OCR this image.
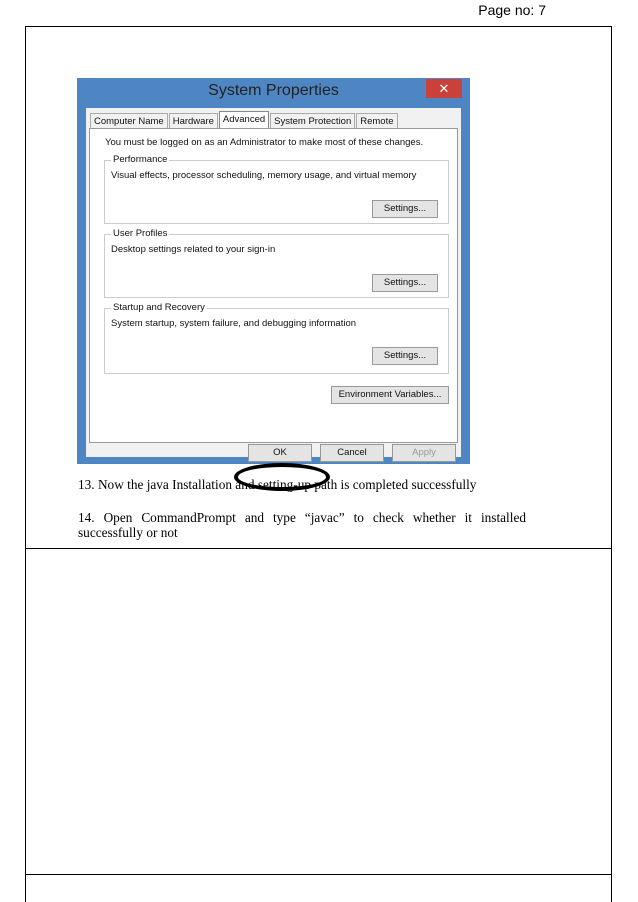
Page no: 7
System Properties	✕
Computer Name Hardware Advanced System Protection Remote
You must be logged on as an Administrator to make most of these changes.
Performance
Visual effects, processor scheduling, memory usage, and virtual memory
Settings...
User Profiles
Desktop settings related to your sign-in
Settings...
Startup and Recovery
System startup, system failure, and debugging information
Settings...
Environment Variables...
OK	Cancel	Apply
13. Now the java Installation and setting-up path is completed successfully
14. Open CommandPrompt and type “javac” to check whether it installed successfully or not
